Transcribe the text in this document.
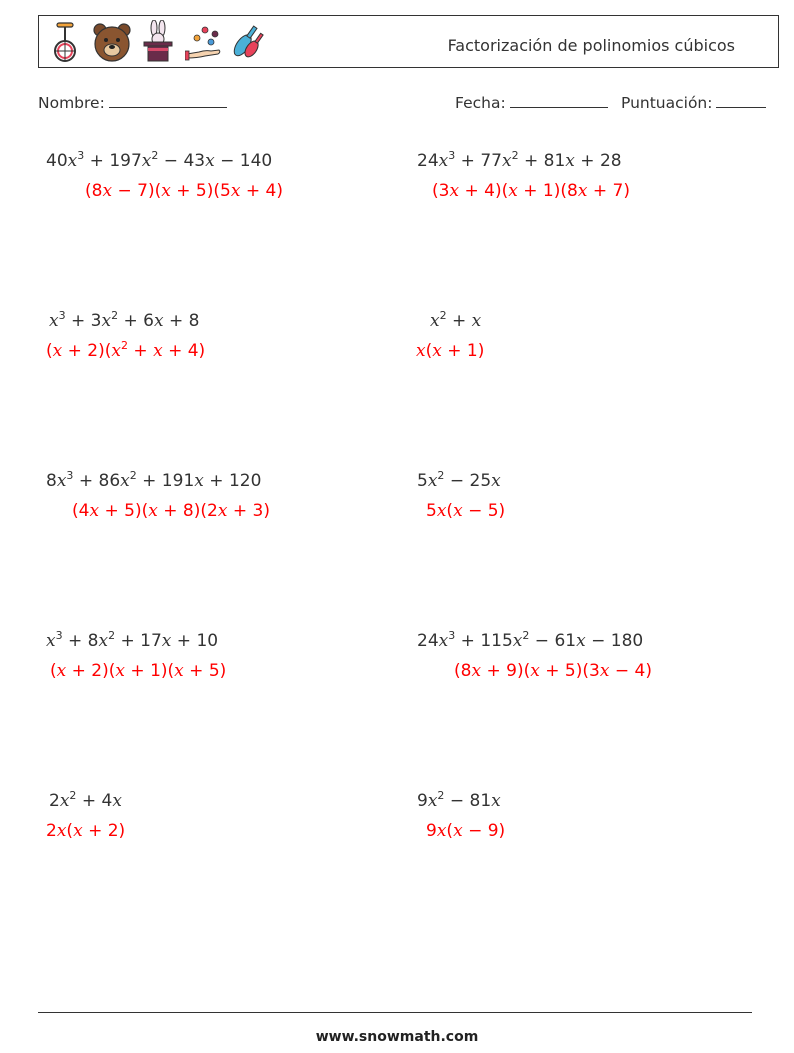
Factorización de polinomios cúbicos
Nombre:	Fecha:	Puntuación:
$40x^3 + 197x^2 - 43x - 140$
(8x − 7)(x + 5)(5x + 4)
$24x^3 + 77x^2 + 81x + 28$
(3x + 4)(x + 1)(8x + 7)
$x^3 + 3x^2 + 6x + 8$
$(x + 2)(x^2 + x + 4)$
$x^2 + x$
x(x + 1)
$8x^3 + 86x^2 + 191x + 120$
(4x + 5)(x + 8)(2x + 3)
$5x^2 - 25x$
5x(x − 5)
$x^3 + 8x^2 + 17x + 10$
(x + 2)(x + 1)(x + 5)
$24x^3 + 115x^2 - 61x - 180$
(8x + 9)(x + 5)(3x − 4)
$2x^2 + 4x$
2x(x + 2)
$9x^2 - 81x$
9x(x − 9)
www.snowmath.com
